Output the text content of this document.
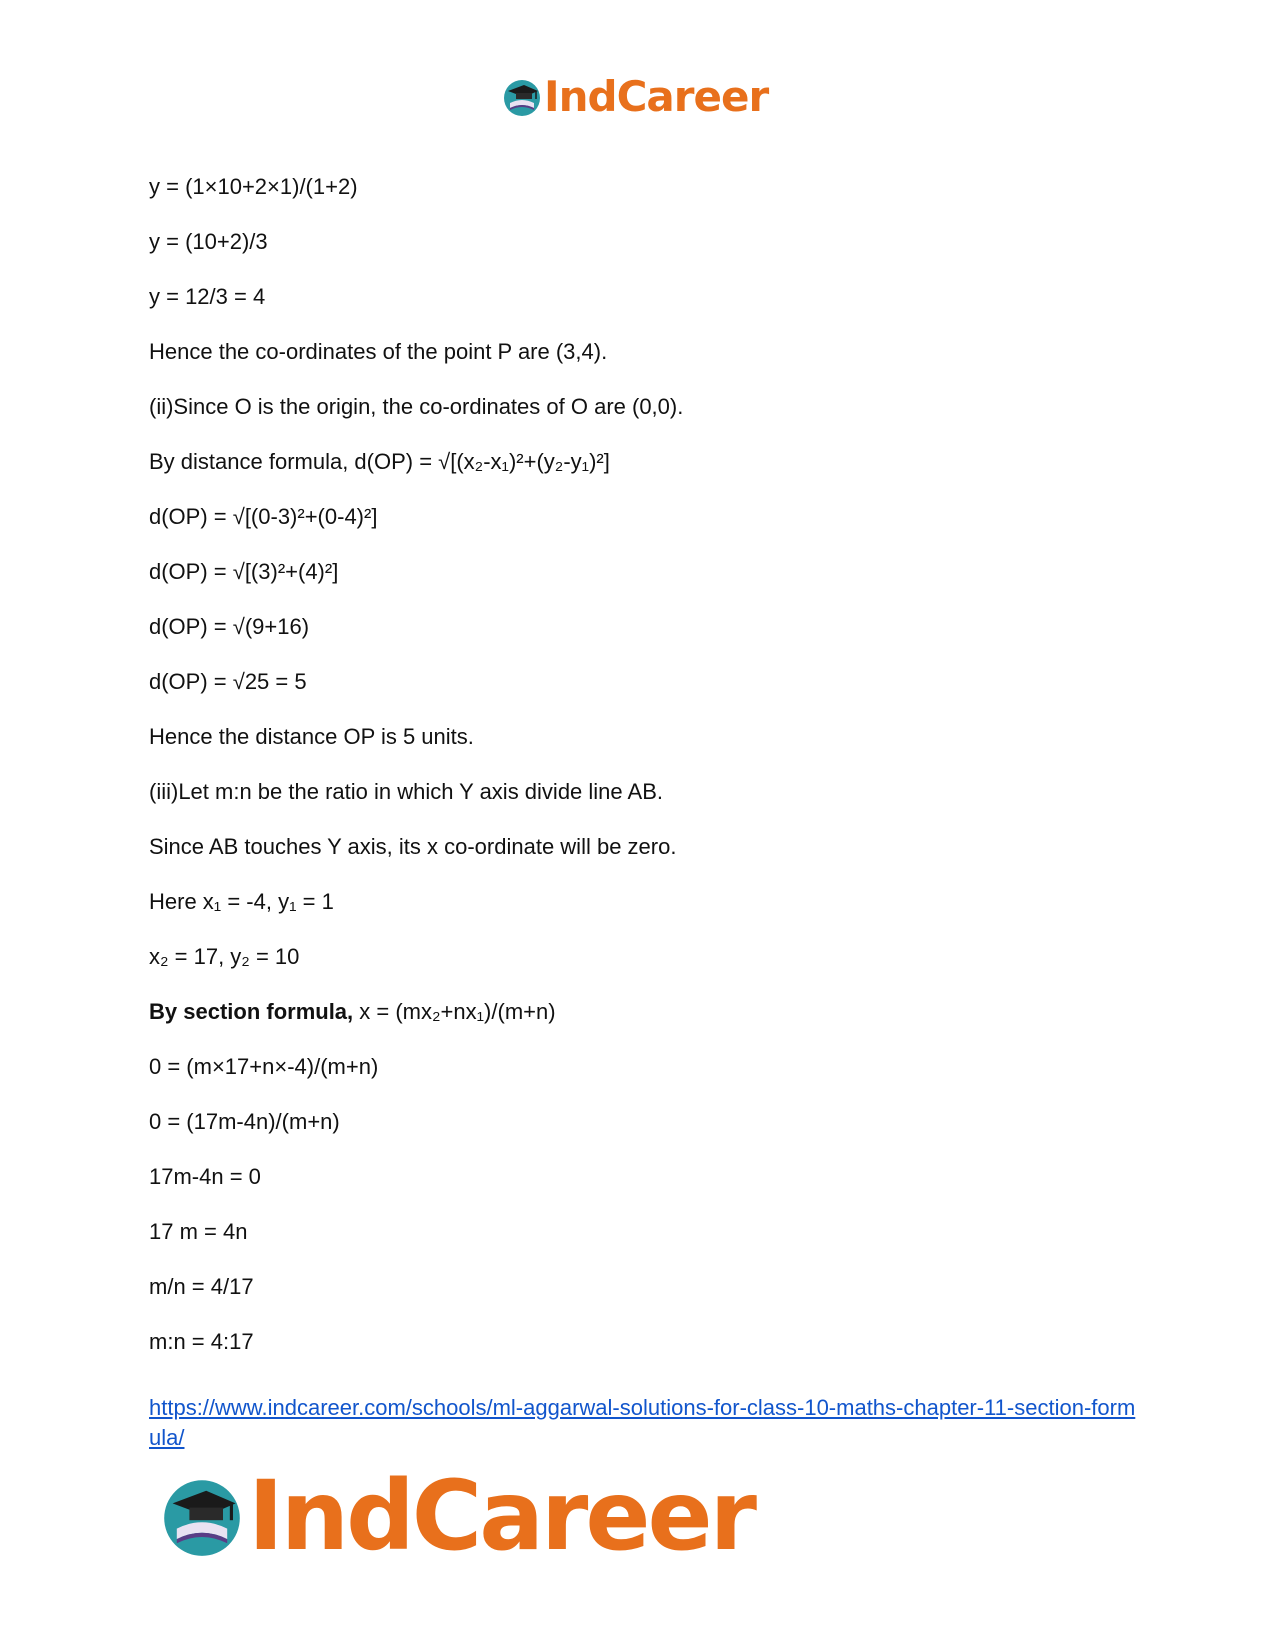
IndCareer
y = (1×10+2×1)/(1+2)
y = (10+2)/3
y = 12/3 = 4
Hence the co-ordinates of the point P are (3,4).
(ii)Since O is the origin, the co-ordinates of O are (0,0).
By distance formula, d(OP) = √[(x₂-x₁)²+(y₂-y₁)²]
d(OP) = √[(0-3)²+(0-4)²]
d(OP) = √[(3)²+(4)²]
d(OP) = √(9+16)
d(OP) = √25 = 5
Hence the distance OP is 5 units.
(iii)Let m:n be the ratio in which Y axis divide line AB.
Since AB touches Y axis, its x co-ordinate will be zero.
Here x₁ = -4, y₁ = 1
x₂ = 17, y₂ = 10
By section formula, x = (mx₂+nx₁)/(m+n)
0 = (m×17+n×-4)/(m+n)
0 = (17m-4n)/(m+n)
17m-4n = 0
17 m = 4n
m/n = 4/17
m:n = 4:17
https://www.indcareer.com/schools/ml-aggarwal-solutions-for-class-10-maths-chapter-11-section-formula/
IndCareer
